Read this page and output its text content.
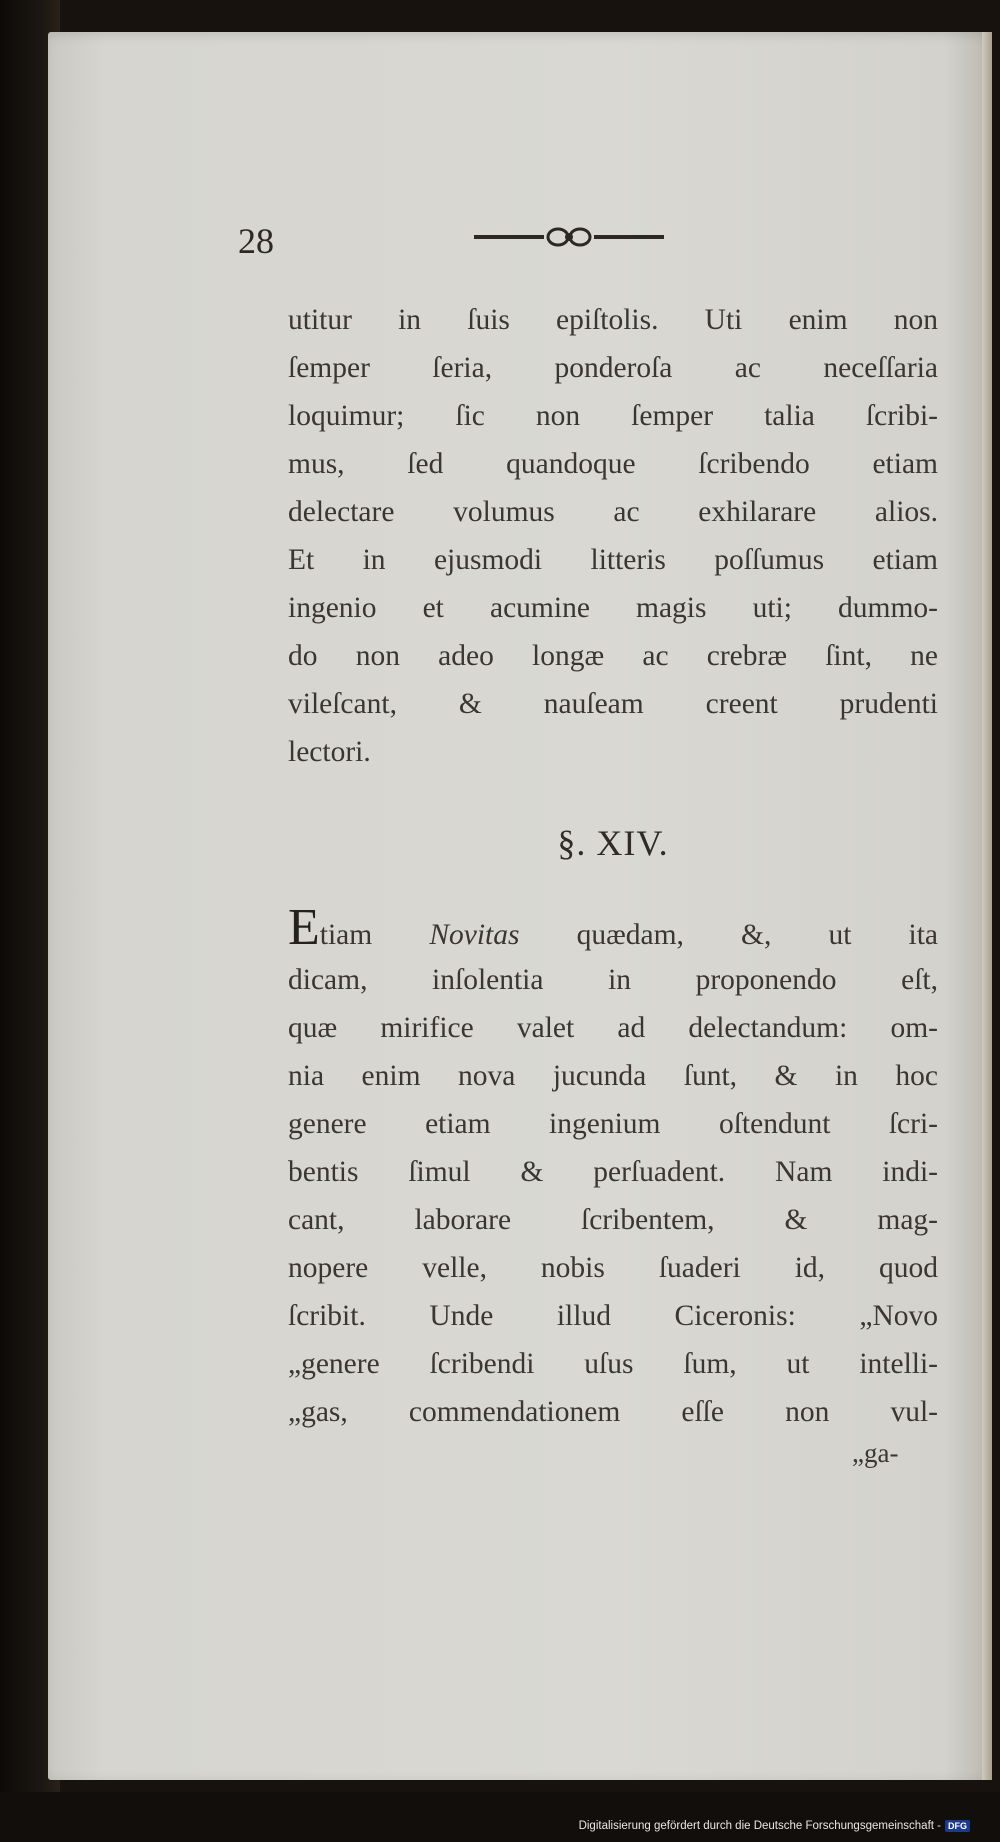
28
utitur in ſuis epiſtolis. Uti enim non
ſemper ſeria, ponderoſa ac neceſſaria
loquimur; ſic non ſemper talia ſcribi-
mus, ſed quandoque ſcribendo etiam
delectare volumus ac exhilarare alios.
Et in ejusmodi litteris poſſumus etiam
ingenio et acumine magis uti; dummo-
do non adeo longæ ac crebræ ſint, ne
vileſcant, & nauſeam creent prudenti
lectori.
§. XIV.
Etiam Novitas quædam, &, ut ita
dicam, inſolentia in proponendo eſt,
quæ mirifice valet ad delectandum: om-
nia enim nova jucunda ſunt, & in hoc
genere etiam ingenium oſtendunt ſcri-
bentis ſimul & perſuadent. Nam indi-
cant, laborare ſcribentem, & mag-
nopere velle, nobis ſuaderi id, quod
ſcribit. Unde illud Ciceronis: „Novo
„genere ſcribendi uſus ſum, ut intelli-
„gas, commendationem eſſe non vul-
„ga-
Digitalisierung gefördert durch die Deutsche Forschungsgemeinschaft - DFG
